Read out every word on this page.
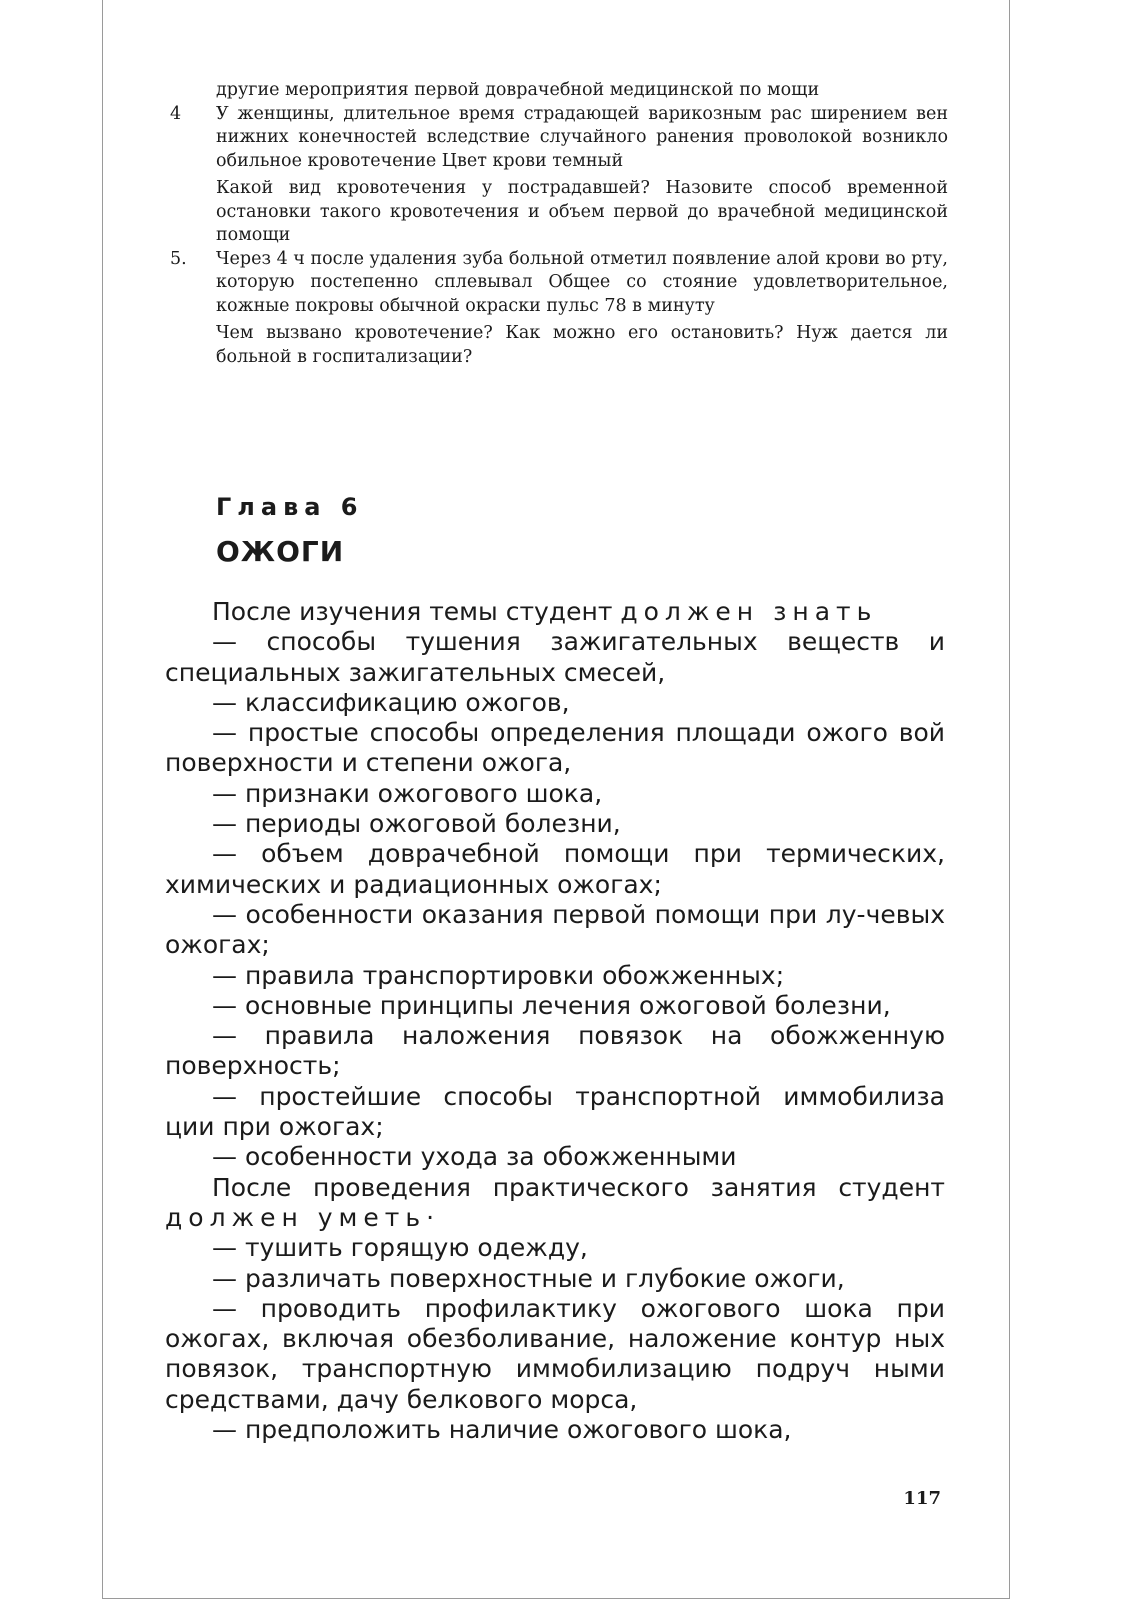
другие мероприятия первой доврачебной медицинской по мощи

4	У женщины, длительное время страдающей варикозным рас ширением вен нижних конечностей вследствие случайного ранения проволокой возникло обильное кровотечение Цвет крови темный

Какой вид кровотечения у пострадавшей? Назовите способ временной остановки такого кровотечения и объем первой до врачебной медицинской помощи

5.	Через 4 ч после удаления зуба больной отметил появление алой крови во рту, которую постепенно сплевывал Общее со стояние удовлетворительное, кожные покровы обычной окраски пульс 78 в минуту

Чем вызвано кровотечение? Как можно его остановить? Нуж дается ли больной в госпитализации?

Глава 6
ОЖОГИ

После изучения темы студент должен знать

— способы тушения зажигательных веществ и специальных зажигательных смесей,

— классификацию ожогов,

— простые способы определения площади ожого вой поверхности и степени ожога,

— признаки ожогового шока,

— периоды ожоговой болезни,

— объем доврачебной помощи при термических, химических и радиационных ожогах;

— особенности оказания первой помощи при лу-чевых ожогах;

— правила транспортировки обожженных;

— основные принципы лечения ожоговой болезни,

— правила наложения повязок на обожженную поверхность;

— простейшие способы транспортной иммобилиза ции при ожогах;

— особенности ухода за обожженными

После проведения практического занятия студент должен уметь·

— тушить горящую одежду,

— различать поверхностные и глубокие ожоги,

— проводить профилактику ожогового шока при ожогах, включая обезболивание, наложение контур ных повязок, транспортную иммобилизацию подруч ными средствами, дачу белкового морса,

— предположить наличие ожогового шока,

117
